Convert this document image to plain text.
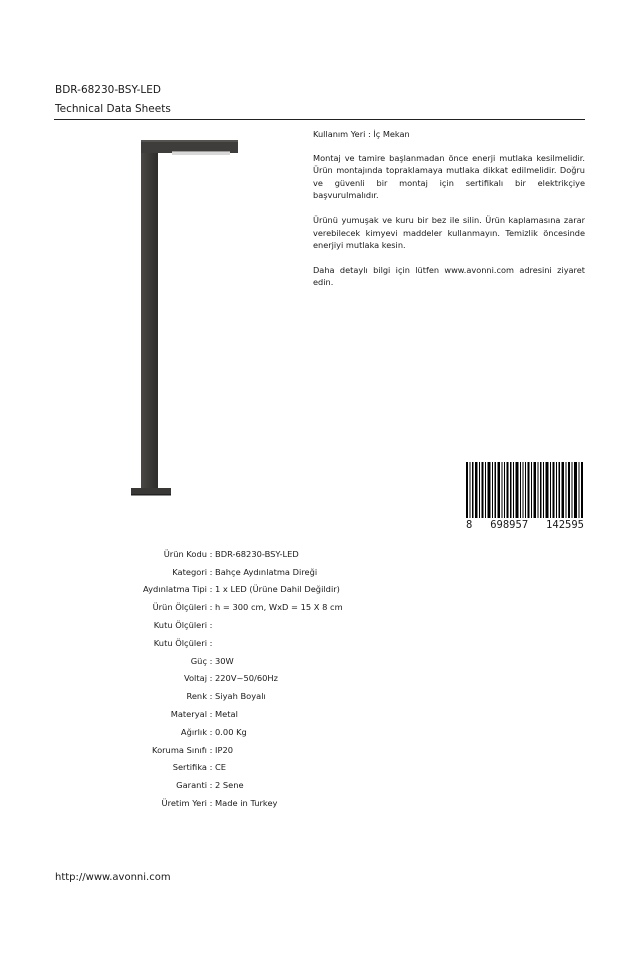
BDR-68230-BSY-LED
Technical Data Sheets

Kullanım Yeri : İç Mekan

Montaj ve tamire başlanmadan önce enerji mutlaka kesilmelidir. Ürün montajında topraklamaya mutlaka dikkat edilmelidir. Doğru ve güvenli bir montaj için sertifikalı bir elektrikçiye başvurulmalıdır.

Ürünü yumuşak ve kuru bir bez ile silin. Ürün kaplamasına zarar verebilecek kimyevi maddeler kullanmayın. Temizlik öncesinde enerjiyi mutlaka kesin.

Daha detaylı bilgi için lütfen www.avonni.com adresini ziyaret edin.

8 698957 142595
Ürün Kodu : BDR-68230-BSY-LED
Kategori : Bahçe Aydınlatma Direği
Aydınlatma Tipi : 1 x LED (Ürüne Dahil Değildir)
Ürün Ölçüleri : h = 300 cm, WxD = 15 X 8 cm
Kutu Ölçüleri :
Kutu Ölçüleri :
Güç : 30W
Voltaj : 220V~50/60Hz
Renk : Siyah Boyalı
Materyal : Metal
Ağırlık : 0.00 Kg
Koruma Sınıfı : IP20
Sertifika : CE
Garanti : 2 Sene
Üretim Yeri : Made in Turkey
http://www.avonni.com
